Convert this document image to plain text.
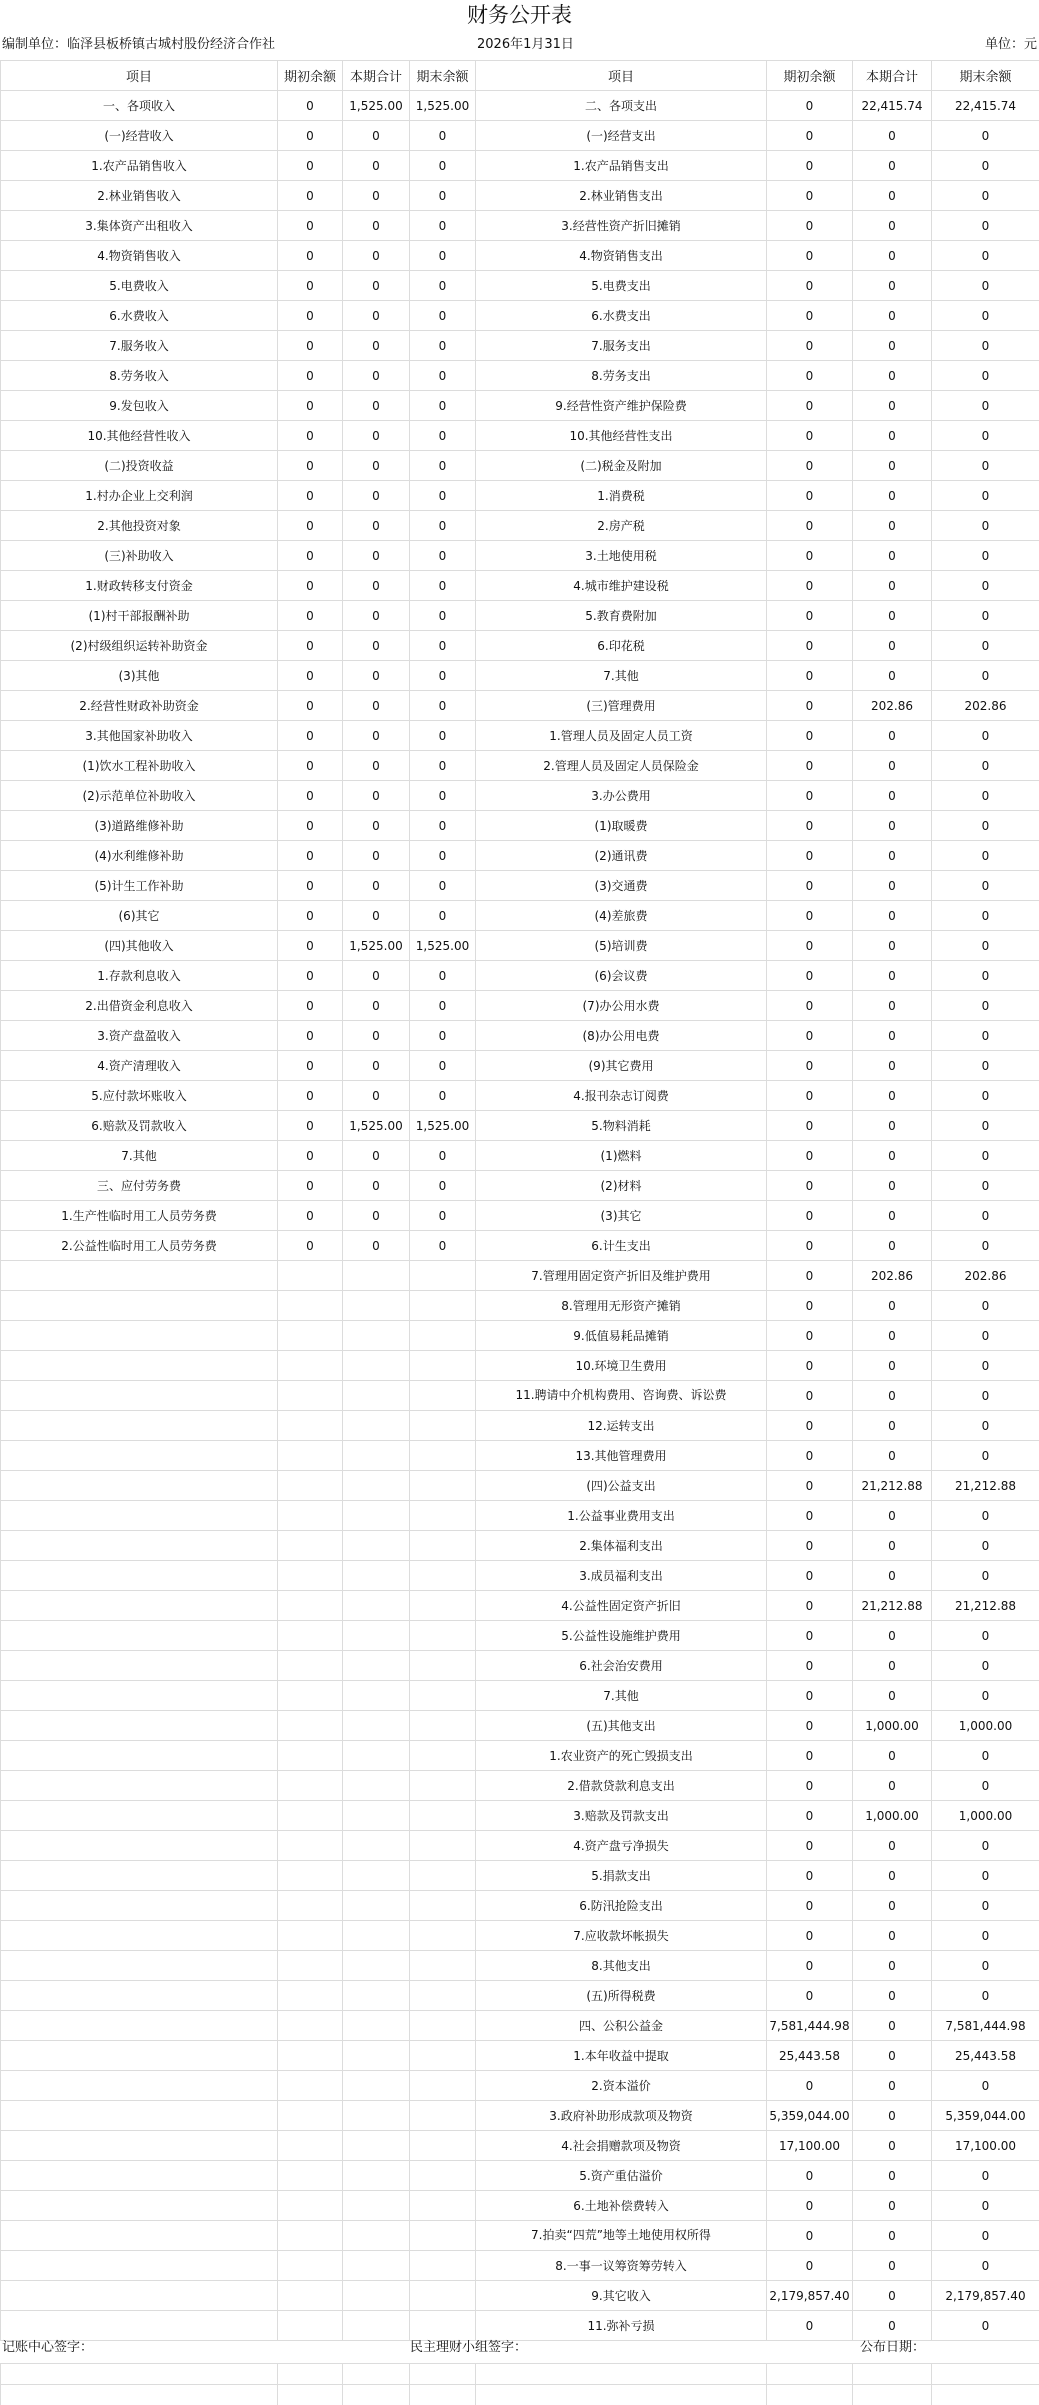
财务公开表
编制单位：临泽县板桥镇古城村股份经济合作社	2026年1月31日	单位：元
项目	期初余额	本期合计	期末余额	项目	期初余额	本期合计	期末余额
一、各项收入	0	1,525.00	1,525.00	二、各项支出	0	22,415.74	22,415.74
(一)经营收入	0	0	0	(一)经营支出	0	0	0
1.农产品销售收入	0	0	0	1.农产品销售支出	0	0	0
2.林业销售收入	0	0	0	2.林业销售支出	0	0	0
3.集体资产出租收入	0	0	0	3.经营性资产折旧摊销	0	0	0
4.物资销售收入	0	0	0	4.物资销售支出	0	0	0
5.电费收入	0	0	0	5.电费支出	0	0	0
6.水费收入	0	0	0	6.水费支出	0	0	0
7.服务收入	0	0	0	7.服务支出	0	0	0
8.劳务收入	0	0	0	8.劳务支出	0	0	0
9.发包收入	0	0	0	9.经营性资产维护保险费	0	0	0
10.其他经营性收入	0	0	0	10.其他经营性支出	0	0	0
(二)投资收益	0	0	0	(二)税金及附加	0	0	0
1.村办企业上交利润	0	0	0	1.消费税	0	0	0
2.其他投资对象	0	0	0	2.房产税	0	0	0
(三)补助收入	0	0	0	3.土地使用税	0	0	0
1.财政转移支付资金	0	0	0	4.城市维护建设税	0	0	0
(1)村干部报酬补助	0	0	0	5.教育费附加	0	0	0
(2)村级组织运转补助资金	0	0	0	6.印花税	0	0	0
(3)其他	0	0	0	7.其他	0	0	0
2.经营性财政补助资金	0	0	0	(三)管理费用	0	202.86	202.86
3.其他国家补助收入	0	0	0	1.管理人员及固定人员工资	0	0	0
(1)饮水工程补助收入	0	0	0	2.管理人员及固定人员保险金	0	0	0
(2)示范单位补助收入	0	0	0	3.办公费用	0	0	0
(3)道路维修补助	0	0	0	(1)取暖费	0	0	0
(4)水利维修补助	0	0	0	(2)通讯费	0	0	0
(5)计生工作补助	0	0	0	(3)交通费	0	0	0
(6)其它	0	0	0	(4)差旅费	0	0	0
(四)其他收入	0	1,525.00	1,525.00	(5)培训费	0	0	0
1.存款利息收入	0	0	0	(6)会议费	0	0	0
2.出借资金利息收入	0	0	0	(7)办公用水费	0	0	0
3.资产盘盈收入	0	0	0	(8)办公用电费	0	0	0
4.资产清理收入	0	0	0	(9)其它费用	0	0	0
5.应付款坏账收入	0	0	0	4.报刊杂志订阅费	0	0	0
6.赔款及罚款收入	0	1,525.00	1,525.00	5.物料消耗	0	0	0
7.其他	0	0	0	(1)燃料	0	0	0
三、应付劳务费	0	0	0	(2)材料	0	0	0
1.生产性临时用工人员劳务费	0	0	0	(3)其它	0	0	0
2.公益性临时用工人员劳务费	0	0	0	6.计生支出	0	0	0
				7.管理用固定资产折旧及维护费用	0	202.86	202.86
				8.管理用无形资产摊销	0	0	0
				9.低值易耗品摊销	0	0	0
				10.环境卫生费用	0	0	0
				11.聘请中介机构费用、咨询费、诉讼费	0	0	0
				12.运转支出	0	0	0
				13.其他管理费用	0	0	0
				(四)公益支出	0	21,212.88	21,212.88
				1.公益事业费用支出	0	0	0
				2.集体福利支出	0	0	0
				3.成员福利支出	0	0	0
				4.公益性固定资产折旧	0	21,212.88	21,212.88
				5.公益性设施维护费用	0	0	0
				6.社会治安费用	0	0	0
				7.其他	0	0	0
				(五)其他支出	0	1,000.00	1,000.00
				1.农业资产的死亡毁损支出	0	0	0
				2.借款贷款利息支出	0	0	0
				3.赔款及罚款支出	0	1,000.00	1,000.00
				4.资产盘亏净损失	0	0	0
				5.捐款支出	0	0	0
				6.防汛抢险支出	0	0	0
				7.应收款坏帐损失	0	0	0
				8.其他支出	0	0	0
				(五)所得税费	0	0	0
				四、公积公益金	7,581,444.98	0	7,581,444.98
				1.本年收益中提取	25,443.58	0	25,443.58
				2.资本溢价	0	0	0
				3.政府补助形成款项及物资	5,359,044.00	0	5,359,044.00
				4.社会捐赠款项及物资	17,100.00	0	17,100.00
				5.资产重估溢价	0	0	0
				6.土地补偿费转入	0	0	0
				7.拍卖“四荒”地等土地使用权所得	0	0	0
				8.一事一议筹资筹劳转入	0	0	0
				9.其它收入	2,179,857.40	0	2,179,857.40
				11.弥补亏损	0	0	0
记账中心签字：	民主理财小组签字：	公布日期：
